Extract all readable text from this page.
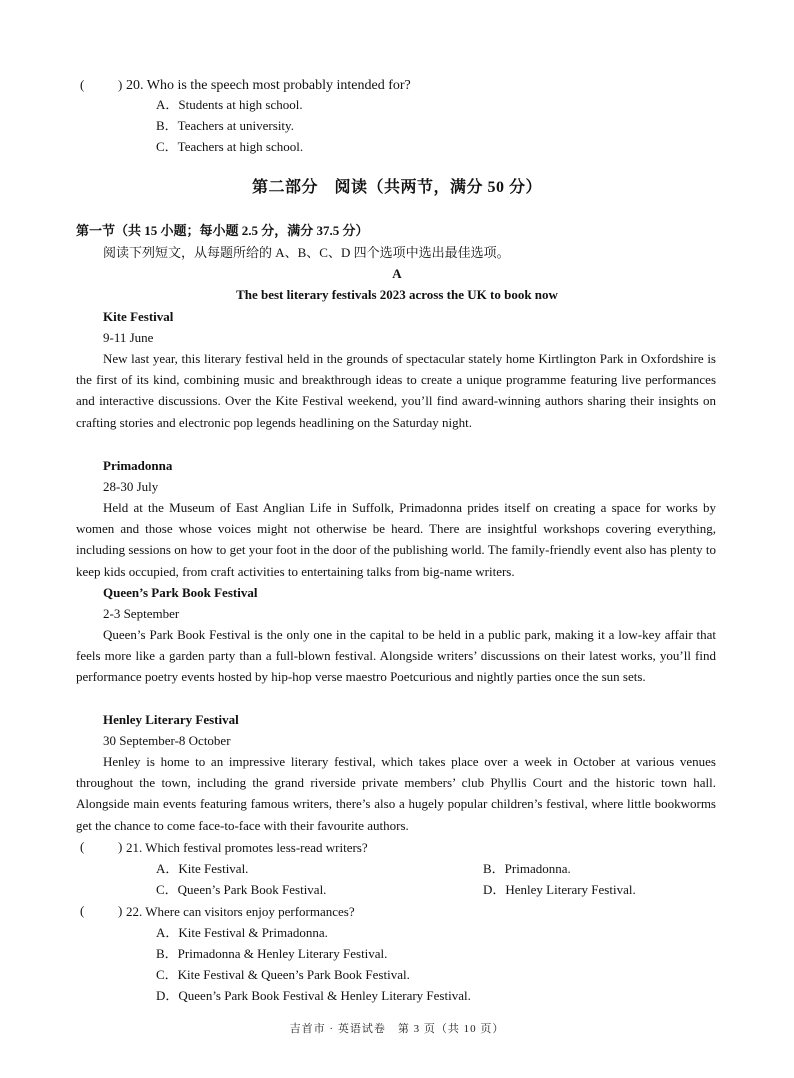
(	) 20. Who is the speech most probably intended for?
A．Students at high school.
B．Teachers at university.
C．Teachers at high school.
第二部分　阅读（共两节，满分 50 分）
第一节（共 15 小题；每小题 2.5 分，满分 37.5 分）
阅读下列短文，从每题所给的 A、B、C、D 四个选项中选出最佳选项。
A
The best literary festivals 2023 across the UK to book now
Kite Festival
9-11 June

New last year, this literary festival held in the grounds of spectacular stately home Kirtlington Park in Oxfordshire is the first of its kind, combining music and breakthrough ideas to create a unique programme featuring live performances and interactive discussions. Over the Kite Festival weekend, you’ll find award-winning authors sharing their insights on crafting stories and electronic pop legends headlining on the Saturday night.

Primadonna
28-30 July

Held at the Museum of East Anglian Life in Suffolk, Primadonna prides itself on creating a space for works by women and those whose voices might not otherwise be heard. There are insightful workshops covering everything, including sessions on how to get your foot in the door of the publishing world. The family-friendly event also has plenty to keep kids occupied, from craft activities to entertaining talks from big-name writers.

Queen’s Park Book Festival
2-3 September

Queen’s Park Book Festival is the only one in the capital to be held in a public park, making it a low-key affair that feels more like a garden party than a full-blown festival. Alongside writers’ discussions on their latest works, you’ll find performance poetry events hosted by hip-hop verse maestro Poetcurious and nightly parties once the sun sets.

Henley Literary Festival
30 September-8 October

Henley is home to an impressive literary festival, which takes place over a week in October at various venues throughout the town, including the grand riverside private members’ club Phyllis Court and the historic town hall. Alongside main events featuring famous writers, there’s also a hugely popular children’s festival, where little bookworms get the chance to come face-to-face with their favourite authors.

(	) 21. Which festival promotes less-read writers?
A．Kite Festival.	B．Primadonna.
C．Queen’s Park Book Festival.	D．Henley Literary Festival.
(	) 22. Where can visitors enjoy performances?
A．Kite Festival & Primadonna.
B．Primadonna & Henley Literary Festival.
C．Kite Festival & Queen’s Park Book Festival.
D．Queen’s Park Book Festival & Henley Literary Festival.
吉首市 · 英语试卷　第 3 页（共 10 页）
